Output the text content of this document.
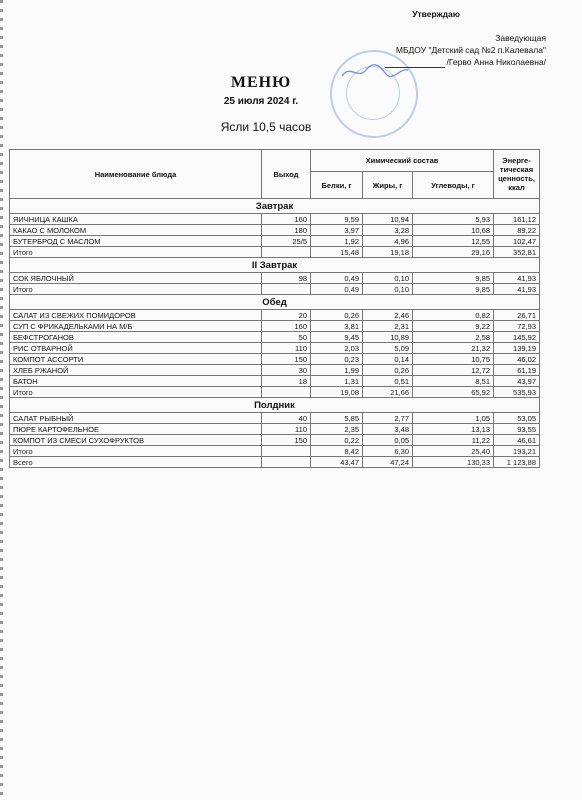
Утверждаю
Заведующая
МБДОУ "Детский сад №2 п.Калевала"
/Герво Анна Николаевна/
МЕНЮ
25 июля 2024 г.
Ясли 10,5 часов
Наименование блюда	Выход	Химический состав			Энерге-тическая ценность, ккал
		Белки, г	Жиры, г	Углеводы, г	
Завтрак					
ЯИЧНИЦА КАШКА	160	9,59	10,94	5,93	161,12
КАКАО С МОЛОКОМ	180	3,97	3,28	10,68	89,22
БУТЕРБРОД С МАСЛОМ	25/5	1,92	4,96	12,55	102,47
Итого		15,48	19,18	29,16	352,81
II Завтрак					
СОК ЯБЛОЧНЫЙ	98	0,49	0,10	9,85	41,93
Итого		0,49	0,10	9,85	41,93
Обед					
САЛАТ ИЗ СВЕЖИХ ПОМИДОРОВ	20	0,26	2,46	0,82	26,71
СУП С ФРИКАДЕЛЬКАМИ НА М/Б	160	3,81	2,31	9,22	72,93
БЕФСТРОГАНОВ	50	9,45	10,89	2,58	145,92
РИС ОТВАРНОЙ	110	2,03	5,09	21,32	139,19
КОМПОТ АССОРТИ	150	0,23	0,14	10,75	46,02
ХЛЕБ РЖАНОЙ	30	1,99	0,26	12,72	61,19
БАТОН	18	1,31	0,51	8,51	43,97
Итого		19,08	21,66	65,92	535,93
Полдник					
САЛАТ РЫБНЫЙ	40	5,85	2,77	1,05	53,05
ПЮРЕ КАРТОФЕЛЬНОЕ	110	2,35	3,48	13,13	93,55
КОМПОТ ИЗ СМЕСИ СУХОФРУКТОВ	150	0,22	0,05	11,22	46,61
Итого		8,42	6,30	25,40	193,21
Всего		43,47	47,24	130,33	1 123,88
